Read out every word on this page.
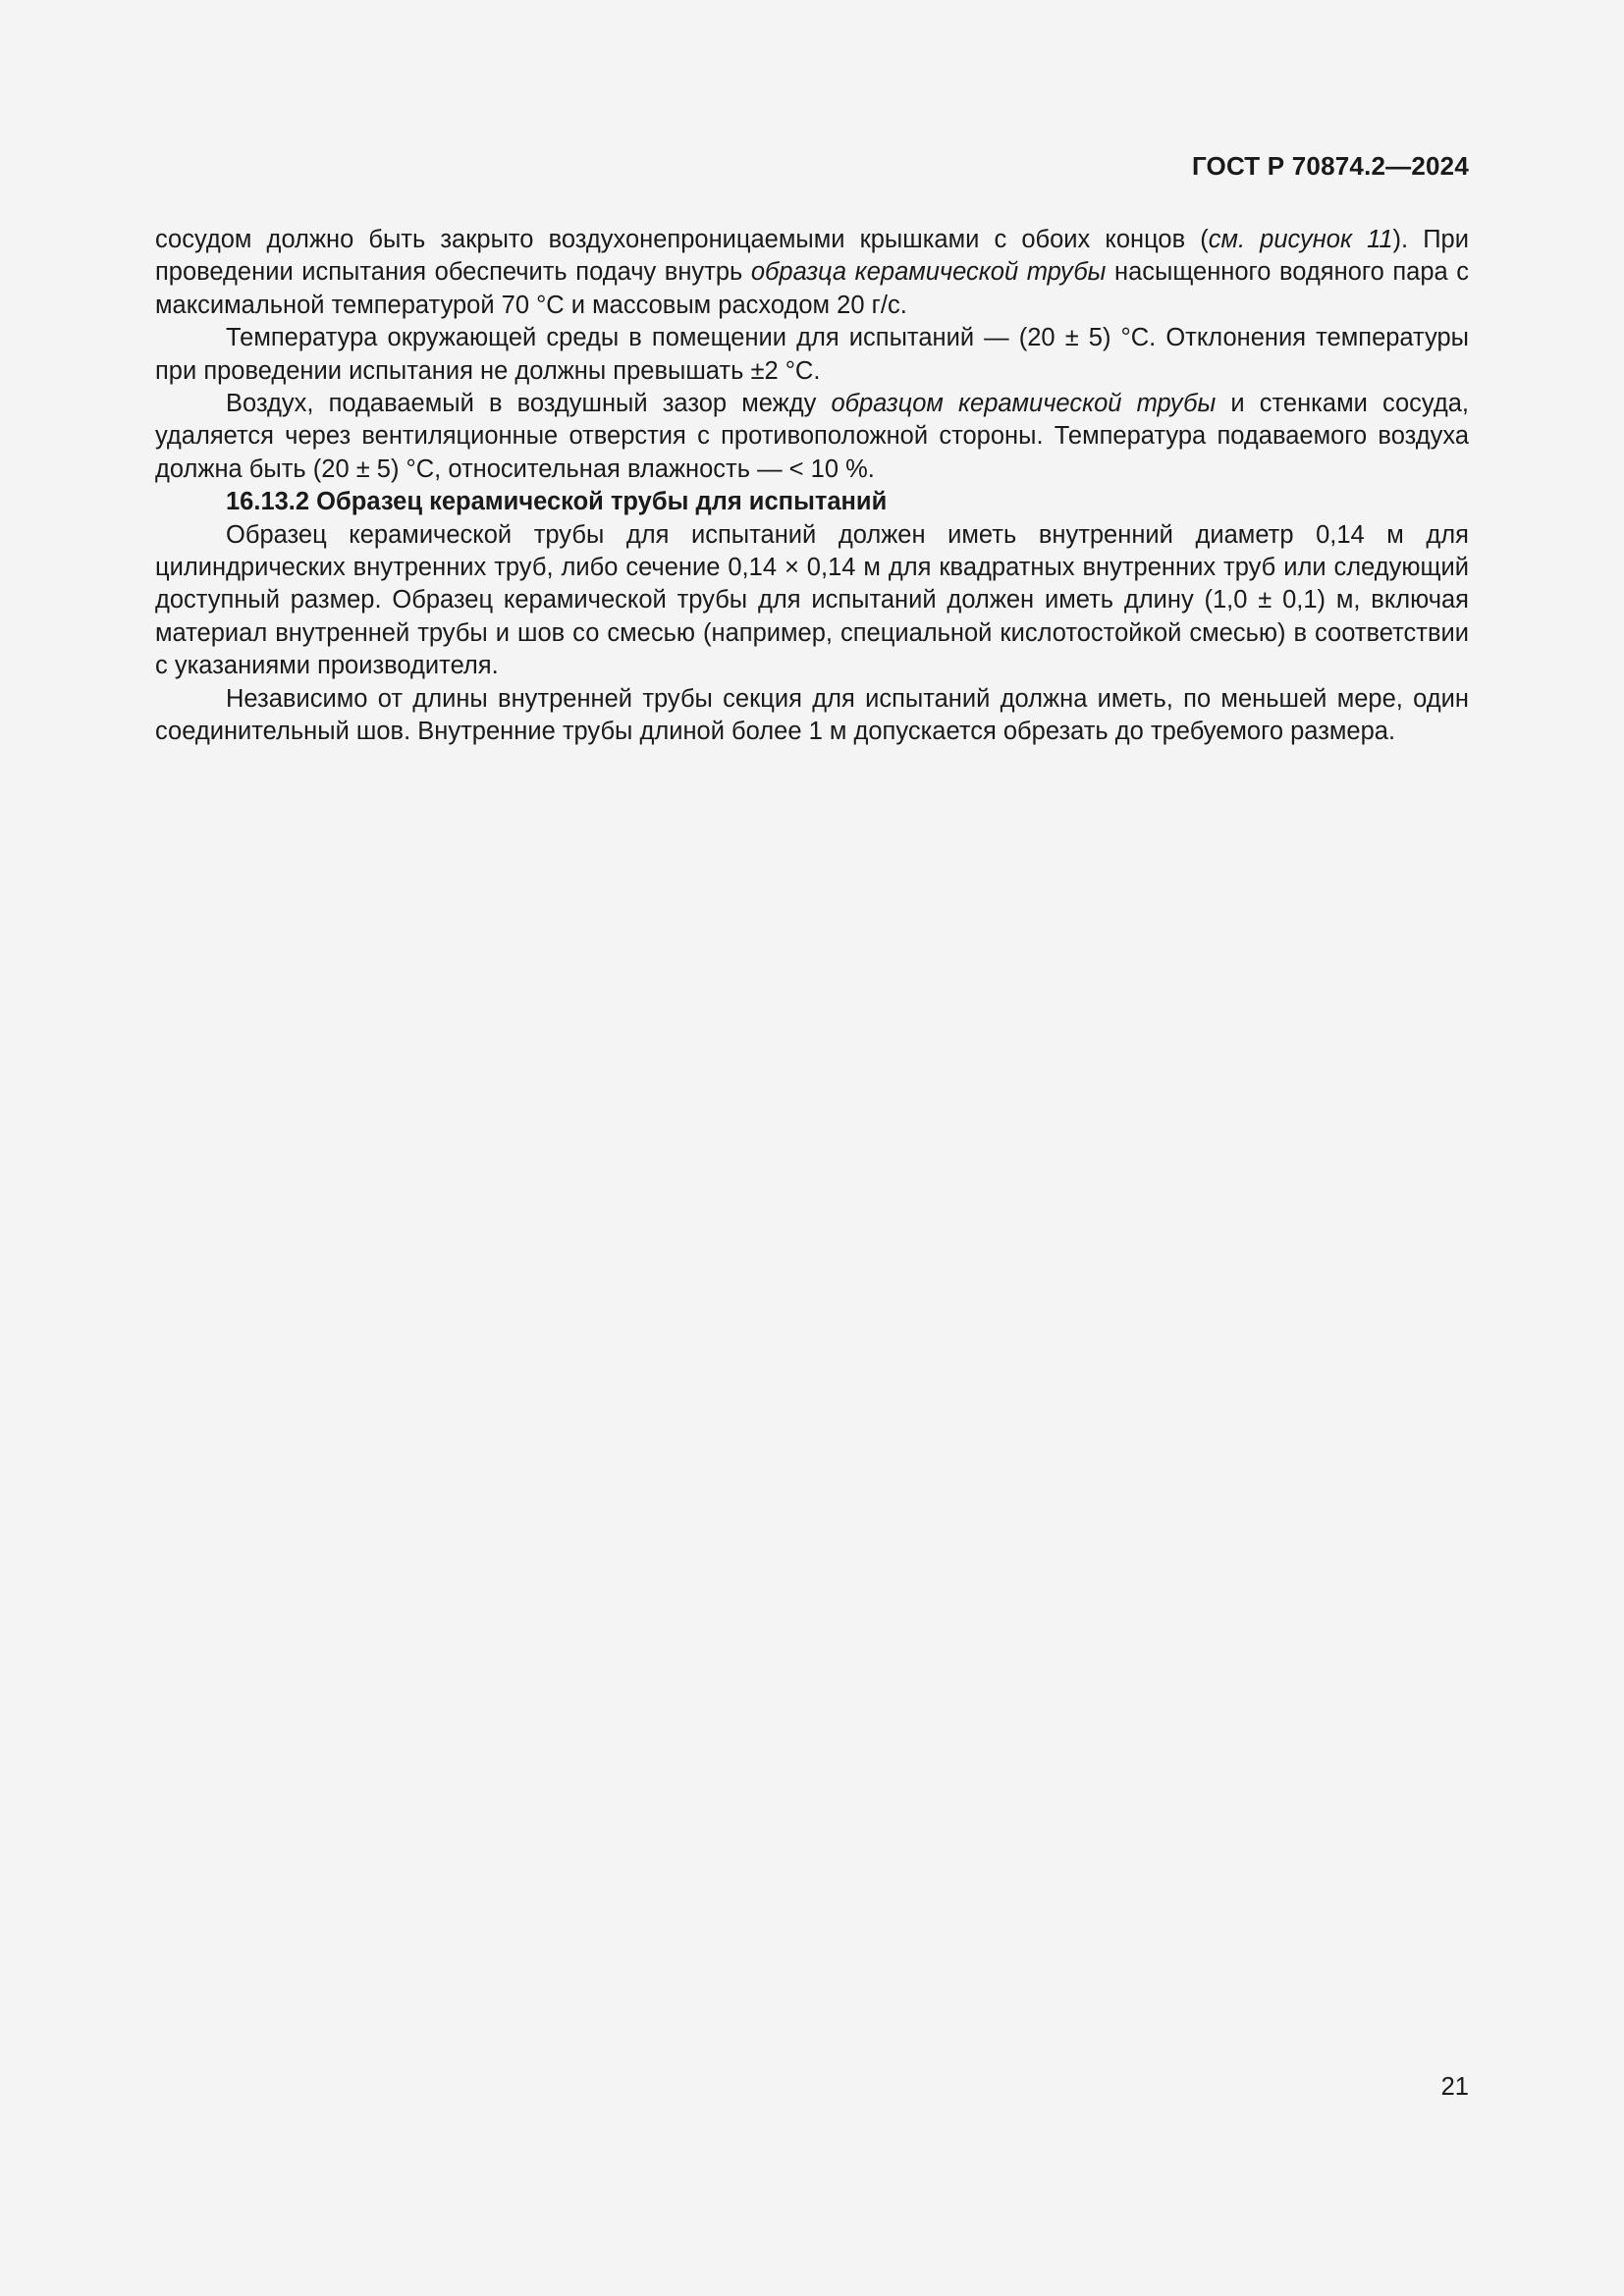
ГОСТ Р 70874.2—2024

сосудом должно быть закрыто воздухонепроницаемыми крышками с обоих концов (см. рисунок 11). При проведении испытания обеспечить подачу внутрь образца керамической трубы насыщенного водяного пара с максимальной температурой 70 °С и массовым расходом 20 г/с.

Температура окружающей среды в помещении для испытаний — (20 ± 5) °С. Отклонения температуры при проведении испытания не должны превышать ±2 °С.

Воздух, подаваемый в воздушный зазор между образцом керамической трубы и стенками сосуда, удаляется через вентиляционные отверстия с противоположной стороны. Температура подаваемого воздуха должна быть (20 ± 5) °С, относительная влажность — < 10 %.

16.13.2 Образец керамической трубы для испытаний

Образец керамической трубы для испытаний должен иметь внутренний диаметр 0,14 м для цилиндрических внутренних труб, либо сечение 0,14 × 0,14 м для квадратных внутренних труб или следующий доступный размер. Образец керамической трубы для испытаний должен иметь длину (1,0 ± 0,1) м, включая материал внутренней трубы и шов со смесью (например, специальной кислотостойкой смесью) в соответствии с указаниями производителя.

Независимо от длины внутренней трубы секция для испытаний должна иметь, по меньшей мере, один соединительный шов. Внутренние трубы длиной более 1 м допускается обрезать до требуемого размера.

21
